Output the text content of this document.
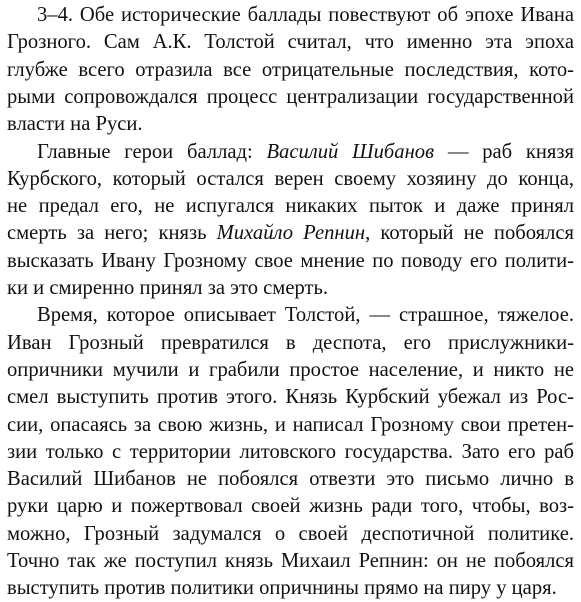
3–4. Обе исторические баллады повествуют об эпохе Ивана
Грозного. Сам А.К. Толстой считал, что именно эта эпоха
глубже всего отразила все отрицательные последствия, кото-
рыми сопровождался процесс централизации государственной
власти на Руси.
Главные герои баллад: Василий Шибанов — раб князя
Курбского, который остался верен своему хозяину до конца,
не предал его, не испугался никаких пыток и даже принял
смерть за него; князь Михайло Репнин, который не побоялся
высказать Ивану Грозному свое мнение по поводу его полити-
ки и смиренно принял за это смерть.
Время, которое описывает Толстой, — страшное, тяжелое.
Иван Грозный превратился в деспота, его прислужники-
опричники мучили и грабили простое население, и никто не
смел выступить против этого. Князь Курбский убежал из Рос-
сии, опасаясь за свою жизнь, и написал Грозному свои претен-
зии только с территории литовского государства. Зато его раб
Василий Шибанов не побоялся отвезти это письмо лично в
руки царю и пожертвовал своей жизнь ради того, чтобы, воз-
можно, Грозный задумался о своей деспотичной политике.
Точно так же поступил князь Михаил Репнин: он не побоялся
выступить против политики опричнины прямо на пиру у царя.
